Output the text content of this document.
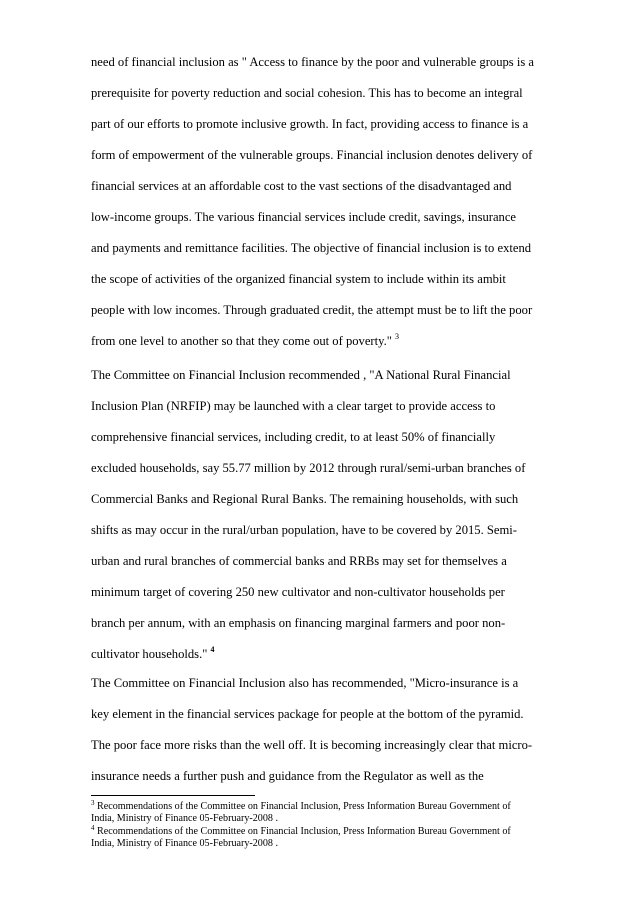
need of financial inclusion as " Access to finance by the poor and vulnerable groups is a
prerequisite for poverty reduction and social cohesion. This has to become an integral
part of our efforts to promote inclusive growth. In fact, providing access to finance is a
form of empowerment of the vulnerable groups. Financial inclusion denotes delivery of
financial services at an affordable cost to the vast sections of the disadvantaged and
low-income groups. The various financial services include credit, savings, insurance
and payments and remittance facilities. The objective of financial inclusion is to extend
the scope of activities of the organized financial system to include within its ambit
people with low incomes. Through graduated credit, the attempt must be to lift the poor
from one level to another so that they come out of poverty." $^3$
The Committee on Financial Inclusion recommended , "A National Rural Financial
Inclusion Plan (NRFIP) may be launched with a clear target to provide access to
comprehensive financial services, including credit, to at least 50% of financially
excluded households, say 55.77 million by 2012 through rural/semi-urban branches of
Commercial Banks and Regional Rural Banks. The remaining households, with such
shifts as may occur in the rural/urban population, have to be covered by 2015. Semi-
urban and rural branches of commercial banks and RRBs may set for themselves a
minimum target of covering 250 new cultivator and non-cultivator households per
branch per annum, with an emphasis on financing marginal farmers and poor non-
cultivator households." $^4$
The Committee on Financial Inclusion also has recommended, "Micro-insurance is a
key element in the financial services package for people at the bottom of the pyramid.
The poor face more risks than the well off. It is becoming increasingly clear that micro-
insurance needs a further push and guidance from the Regulator as well as the
$^3$ Recommendations of the Committee on Financial Inclusion, Press Information Bureau Government of
India, Ministry of Finance 05-February-2008 .
$^4$ Recommendations of the Committee on Financial Inclusion, Press Information Bureau Government of
India, Ministry of Finance 05-February-2008 .
